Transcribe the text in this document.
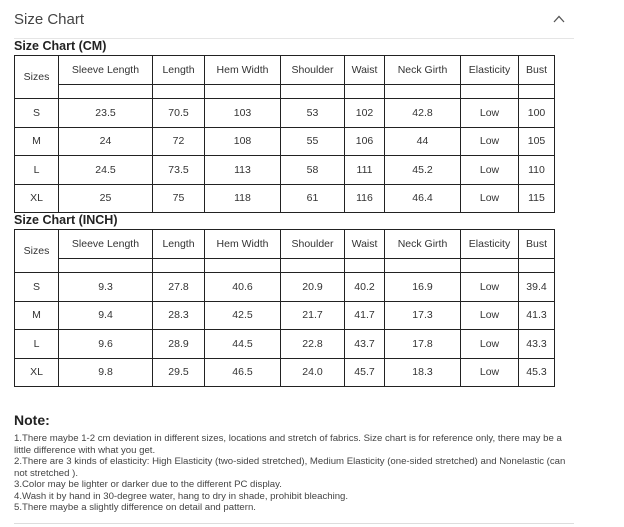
Size Chart
Size Chart (CM)
Sizes	Sleeve Length	Length	Hem Width	Shoulder	Waist	Neck Girth	Elasticity	Bust

S	23.5	70.5	103	53	102	42.8	Low	100
M	24	72	108	55	106	44	Low	105
L	24.5	73.5	113	58	111	45.2	Low	110
XL	25	75	118	61	116	46.4	Low	115
Size Chart (INCH)
Sizes	Sleeve Length	Length	Hem Width	Shoulder	Waist	Neck Girth	Elasticity	Bust

S	9.3	27.8	40.6	20.9	40.2	16.9	Low	39.4
M	9.4	28.3	42.5	21.7	41.7	17.3	Low	41.3
L	9.6	28.9	44.5	22.8	43.7	17.8	Low	43.3
XL	9.8	29.5	46.5	24.0	45.7	18.3	Low	45.3
Note:
1.There maybe 1-2 cm deviation in different sizes, locations and stretch of fabrics. Size chart is for reference only, there may be a little difference with what you get.
2.There are 3 kinds of elasticity: High Elasticity (two-sided stretched), Medium Elasticity (one-sided stretched) and Nonelastic (can not stretched ).
3.Color may be lighter or darker due to the different PC display.
4.Wash it by hand in 30-degree water, hang to dry in shade, prohibit bleaching.
5.There maybe a slightly difference on detail and pattern.
